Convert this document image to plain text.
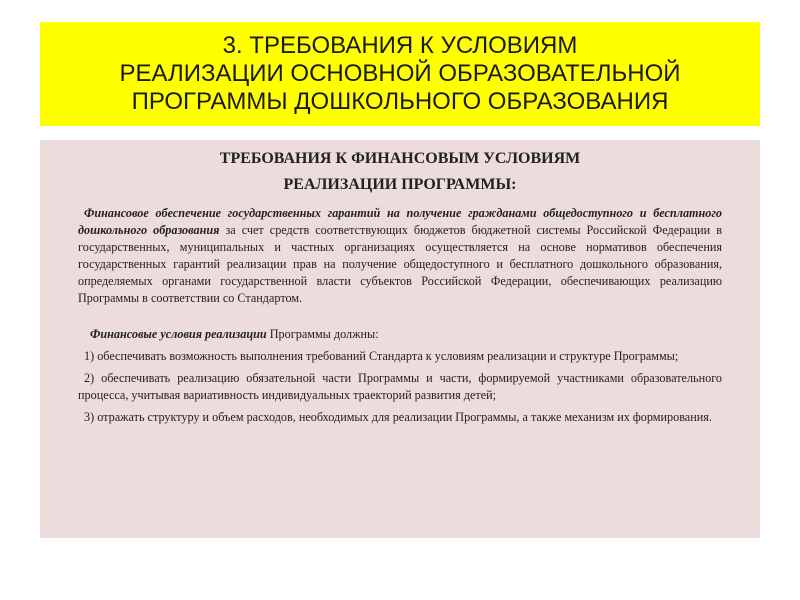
3. ТРЕБОВАНИЯ К УСЛОВИЯМ
РЕАЛИЗАЦИИ ОСНОВНОЙ ОБРАЗОВАТЕЛЬНОЙ
ПРОГРАММЫ ДОШКОЛЬНОГО ОБРАЗОВАНИЯ

ТРЕБОВАНИЯ К ФИНАНСОВЫМ УСЛОВИЯМ

РЕАЛИЗАЦИИ ПРОГРАММЫ:

Финансовое обеспечение государственных гарантий на получение гражданами общедоступного и бесплатного дошкольного образования за счет средств соответствующих бюджетов бюджетной системы Российской Федерации в государственных, муниципальных и частных организациях осуществляется на основе нормативов обеспечения государственных гарантий реализации прав на получение общедоступного и бесплатного дошкольного образования, определяемых органами государственной власти субъектов Российской Федерации, обеспечивающих реализацию Программы в соответствии со Стандартом.

Финансовые условия реализации Программы должны:

1) обеспечивать возможность выполнения требований Стандарта к условиям реализации и структуре Программы;

2) обеспечивать реализацию обязательной части Программы и части, формируемой участниками образовательного процесса, учитывая вариативность индивидуальных траекторий развития детей;

3) отражать структуру и объем расходов, необходимых для реализации Программы, а также механизм их формирования.
